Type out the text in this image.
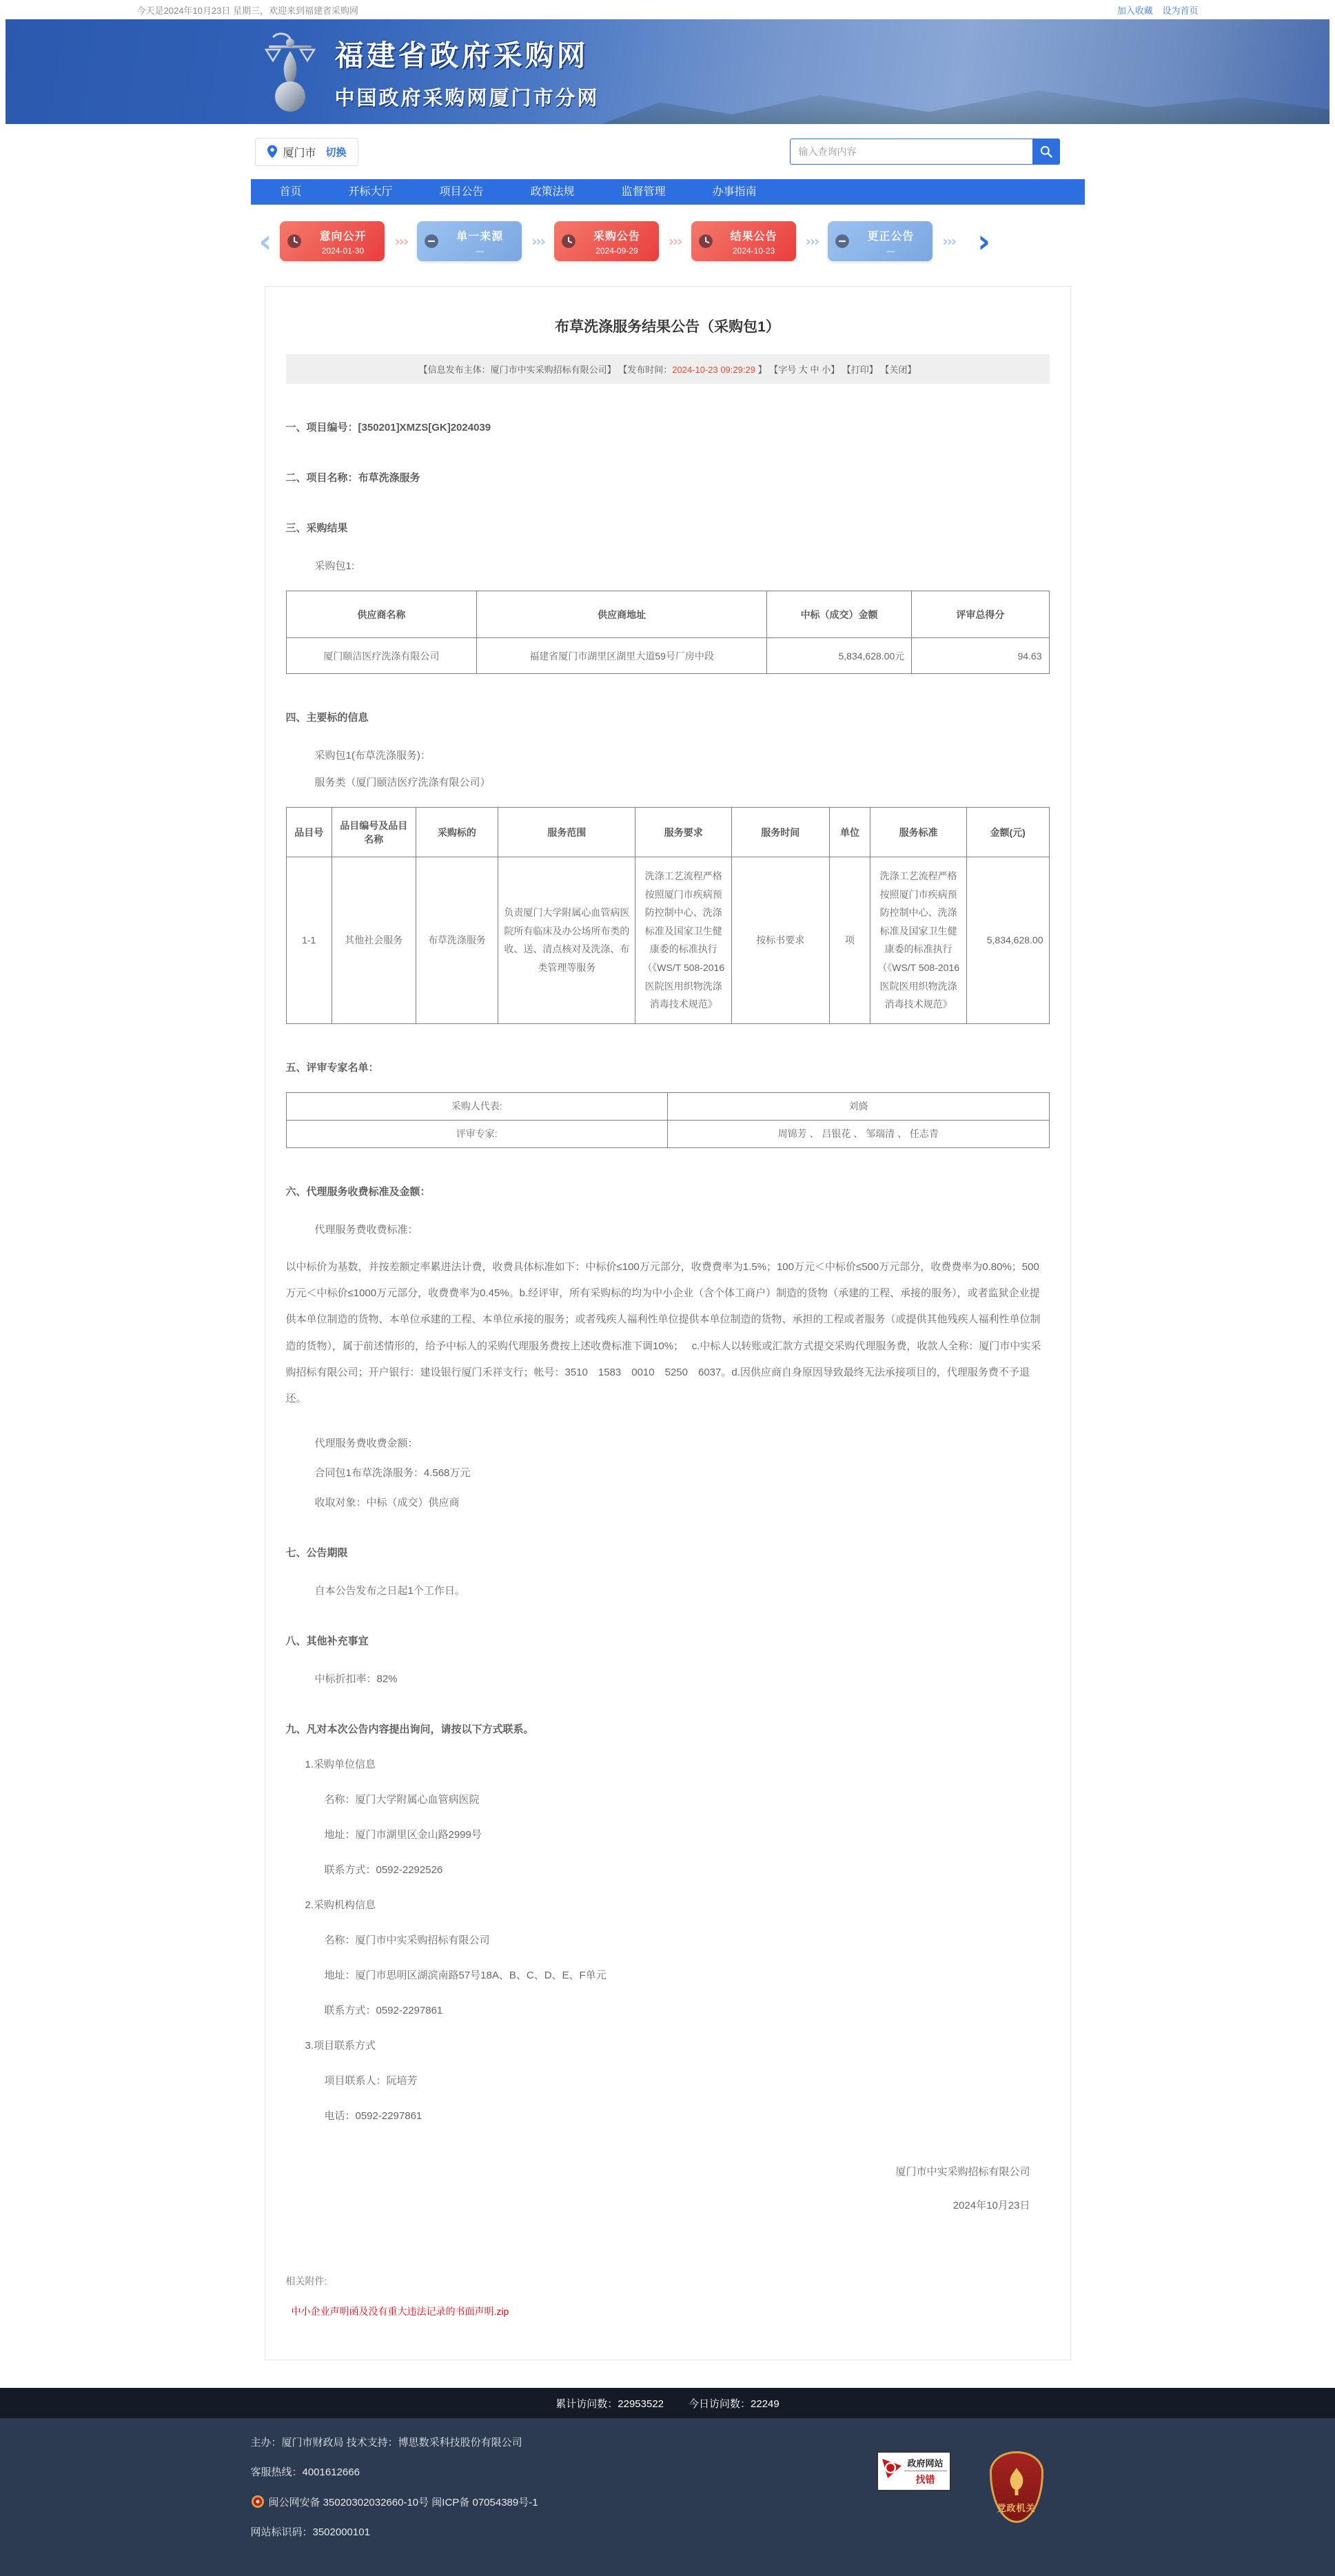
今天是2024年10月23日 星期三，欢迎来到福建省采购网	加入收藏 设为首页
福建省政府采购网
中国政府采购网厦门市分网
厦门市 切换
输入查询内容
首页	开标大厅	项目公告	政策法规	监督管理	办事指南
‹	意向公开
2024-01-30
›››	单一来源
—
›››	采购公告
2024-09-29
›››	结果公告
2024-10-23
›››	更正公告
—
››› ›
布草洗涤服务结果公告（采购包1）
【信息发布主体：厦门市中实采购招标有限公司】 【发布时间：2024-10-23 09:29:29 】 【字号 大 中 小】 【打印】 【关闭】
一、项目编号：[350201]XMZS[GK]2024039
二、项目名称：布草洗涤服务
三、采购结果
采购包1:
供应商名称	供应商地址	中标（成交）金额	评审总得分
厦门颐洁医疗洗涤有限公司	福建省厦门市湖里区湖里大道59号厂房中段	5,834,628.00元	94.63
四、主要标的信息
采购包1(布草洗涤服务)：
服务类（厦门颐洁医疗洗涤有限公司）
品目号	品目编号及品目名称	采购标的	服务范围	服务要求	服务时间	单位	服务标准	金额(元)
1-1	其他社会服务	布草洗涤服务	负责厦门大学附属心血管病医院所有临床及办公场所布类的收、送、清点核对及洗涤、布类管理等服务	洗涤工艺流程严格按照厦门市疾病预防控制中心、洗涤标准及国家卫生健康委的标准执行（《WS/T 508-2016 医院医用织物洗涤消毒技术规范》	按标书要求	项	洗涤工艺流程严格按照厦门市疾病预防控制中心、洗涤标准及国家卫生健康委的标准执行（《WS/T 508-2016 医院医用织物洗涤消毒技术规范》	5,834,628.00
五、评审专家名单：
采购人代表:	刘旖
评审专家:	周锦芳 、 吕银花 、 邹瑞清 、 任志青
六、代理服务收费标准及金额：
代理服务费收费标准：
以中标价为基数，并按差额定率累进法计费，收费具体标准如下：中标价≤100万元部分，收费费率为1.5%；100万元＜中标价≤500万元部分，收费费率为0.80%；500万元＜中标价≤1000万元部分，收费费率为0.45%。b.经评审，所有采购标的均为中小企业（含个体工商户）制造的货物（承建的工程、承接的服务），或者监狱企业提供本单位制造的货物、本单位承建的工程、本单位承接的服务；或者残疾人福利性单位提供本单位制造的货物、承担的工程或者服务（或提供其他残疾人福利性单位制造的货物），属于前述情形的，给予中标人的采购代理服务费按上述收费标准下调10%；　 c.中标人以转账或汇款方式提交采购代理服务费，收款人全称：厦门市中实采购招标有限公司；开户银行：建设银行厦门禾祥支行；帐号：3510　1583　0010　5250　6037。d.因供应商自身原因导致最终无法承接项目的，代理服务费不予退还。
代理服务费收费金额：
合同包1布草洗涤服务：4.568万元
收取对象：中标（成交）供应商
七、公告期限
自本公告发布之日起1个工作日。
八、其他补充事宜
中标折扣率：82%
九、凡对本次公告内容提出询问，请按以下方式联系。
1.采购单位信息
名称：厦门大学附属心血管病医院
地址：厦门市湖里区金山路2999号
联系方式：0592-2292526
2.采购机构信息
名称：厦门市中实采购招标有限公司
地址：厦门市思明区湖滨南路57号18A、B、C、D、E、F单元
联系方式：0592-2297861
3.项目联系方式
项目联系人：阮培芳
电话：0592-2297861
厦门市中实采购招标有限公司
2024年10月23日
相关附件:
中小企业声明函及没有重大违法记录的书面声明.zip
累计访问数：22953522 今日访问数：22249
主办：厦门市财政局 技术支持：博思数采科技股份有限公司
客服热线：4001612666
闽公网安备 35020302032660-10号 闽ICP备 07054389号-1
网站标识码：3502000101
政府网站
找错
党政机关
